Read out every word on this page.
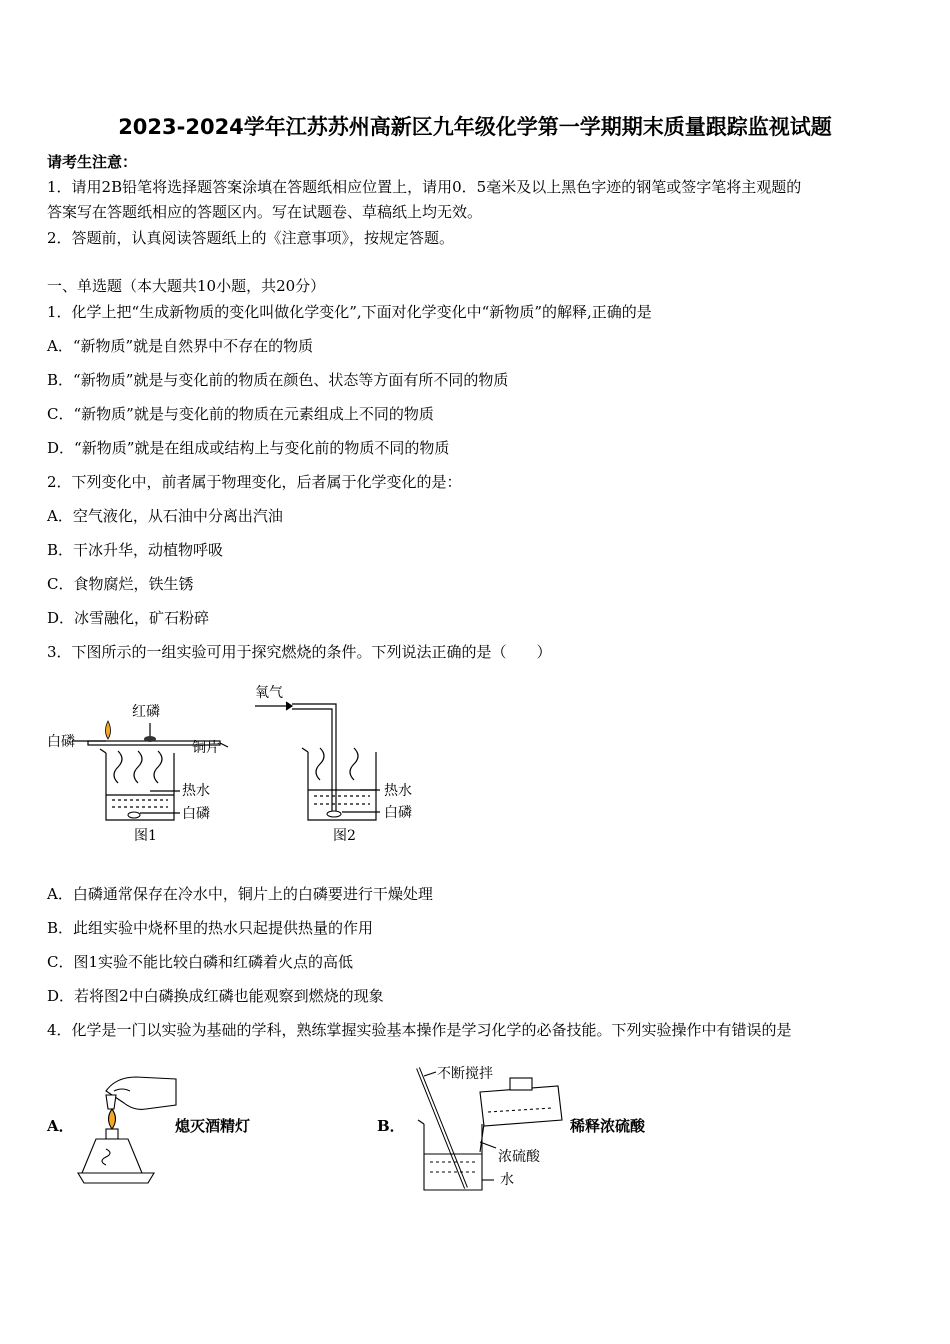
2023-2024学年江苏苏州高新区九年级化学第一学期期末质量跟踪监视试题
请考生注意：
1．请用2B铅笔将选择题答案涂填在答题纸相应位置上，请用0．5毫米及以上黑色字迹的钢笔或签字笔将主观题的
答案写在答题纸相应的答题区内。写在试题卷、草稿纸上均无效。
2．答题前，认真阅读答题纸上的《注意事项》，按规定答题。
一、单选题（本大题共10小题，共20分）
1．化学上把“生成新物质的变化叫做化学变化”,下面对化学变化中“新物质”的解释,正确的是
A．“新物质”就是自然界中不存在的物质
B．“新物质”就是与变化前的物质在颜色、状态等方面有所不同的物质
C．“新物质”就是与变化前的物质在元素组成上不同的物质
D．“新物质”就是在组成或结构上与变化前的物质不同的物质
2．下列变化中，前者属于物理变化，后者属于化学变化的是：
A．空气液化，从石油中分离出汽油
B．干冰升华，动植物呼吸
C．食物腐烂，铁生锈
D．冰雪融化，矿石粉碎
3．下图所示的一组实验可用于探究燃烧的条件。下列说法正确的是（　　）
红磷
白磷	铜片
热水
白磷
图1
氧气
热水
白磷
图2
A．白磷通常保存在冷水中，铜片上的白磷要进行干燥处理
B．此组实验中烧杯里的热水只起提供热量的作用
C．图1实验不能比较白磷和红磷着火点的高低
D．若将图2中白磷换成红磷也能观察到燃烧的现象
4．化学是一门以实验为基础的学科，熟练掌握实验基本操作是学习化学的必备技能。下列实验操作中有错误的是
A．	熄灭酒精灯	B．
不断搅拌
浓硫酸
水
稀释浓硫酸
